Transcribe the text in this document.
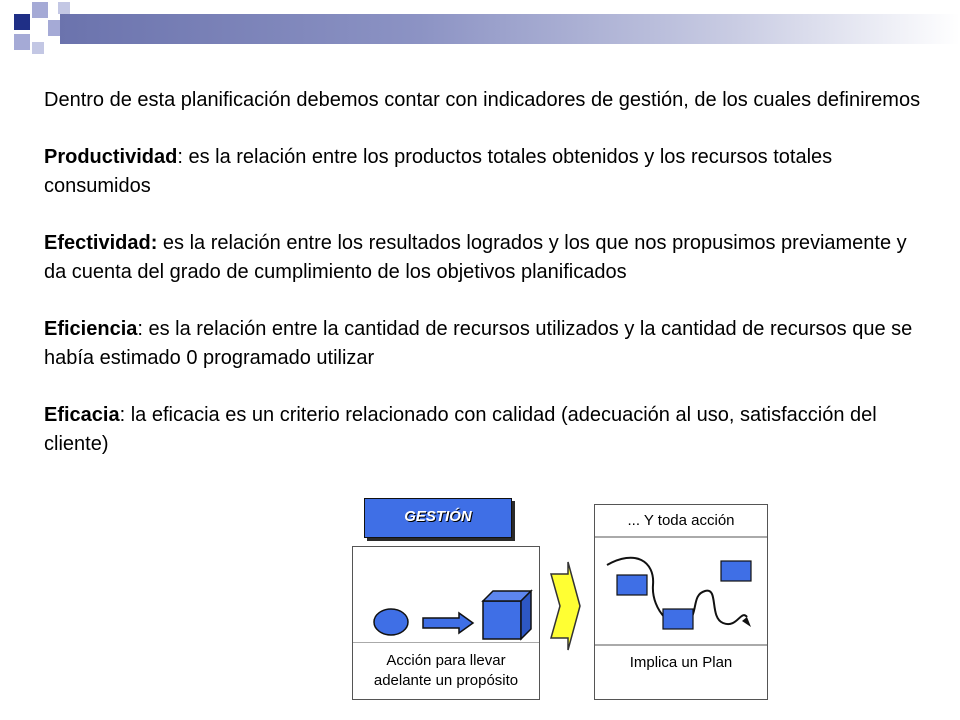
Dentro de esta planificación debemos contar con indicadores de gestión, de los cuales definiremos

Productividad: es la relación entre los productos totales obtenidos y los recursos totales consumidos

Efectividad: es la relación entre los resultados logrados y los que nos propusimos previamente y da cuenta del grado de cumplimiento de los objetivos planificados

Eficiencia: es la relación entre la cantidad de recursos utilizados y la cantidad de recursos que se había estimado 0 programado utilizar

Eficacia: la eficacia es un criterio relacionado con calidad (adecuación al uso, satisfacción del cliente)

GESTIÓN
Acción para llevar
adelante un propósito
... Y toda acción
Implica un Plan
